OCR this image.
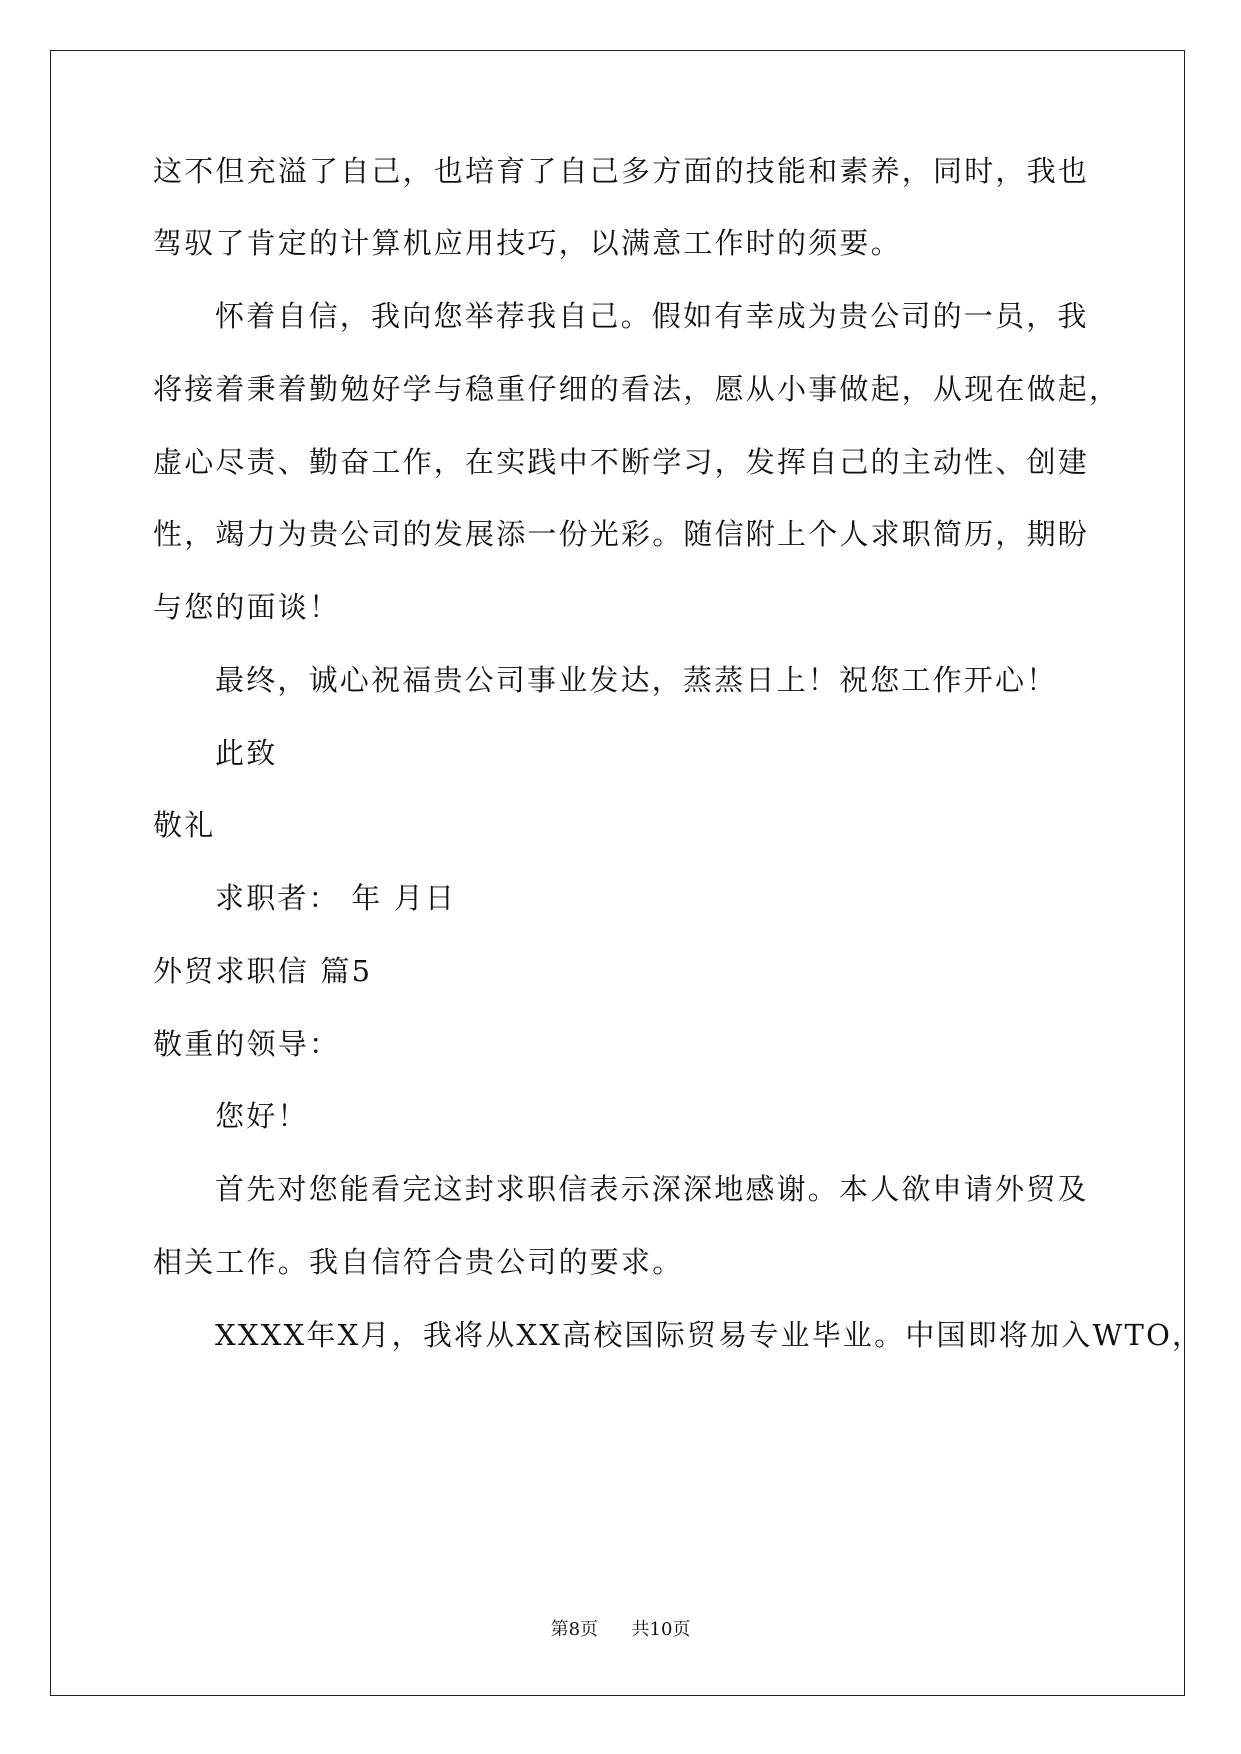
这不但充溢了自己，也培育了自己多方面的技能和素养，同时，我也
驾驭了肯定的计算机应用技巧，以满意工作时的须要。
怀着自信，我向您举荐我自己。假如有幸成为贵公司的一员，我
将接着秉着勤勉好学与稳重仔细的看法，愿从小事做起，从现在做起，
虚心尽责、勤奋工作，在实践中不断学习，发挥自己的主动性、创建
性，竭力为贵公司的发展添一份光彩。随信附上个人求职简历，期盼
与您的面谈！
最终，诚心祝福贵公司事业发达，蒸蒸日上！祝您工作开心！
此致
敬礼
求职者： 年 月日
外贸求职信 篇5
敬重的领导：
您好！
首先对您能看完这封求职信表示深深地感谢。本人欲申请外贸及
相关工作。我自信符合贵公司的要求。
XXXX年X月，我将从XX高校国际贸易专业毕业。中国即将加入WTO，
第8页 共10页
